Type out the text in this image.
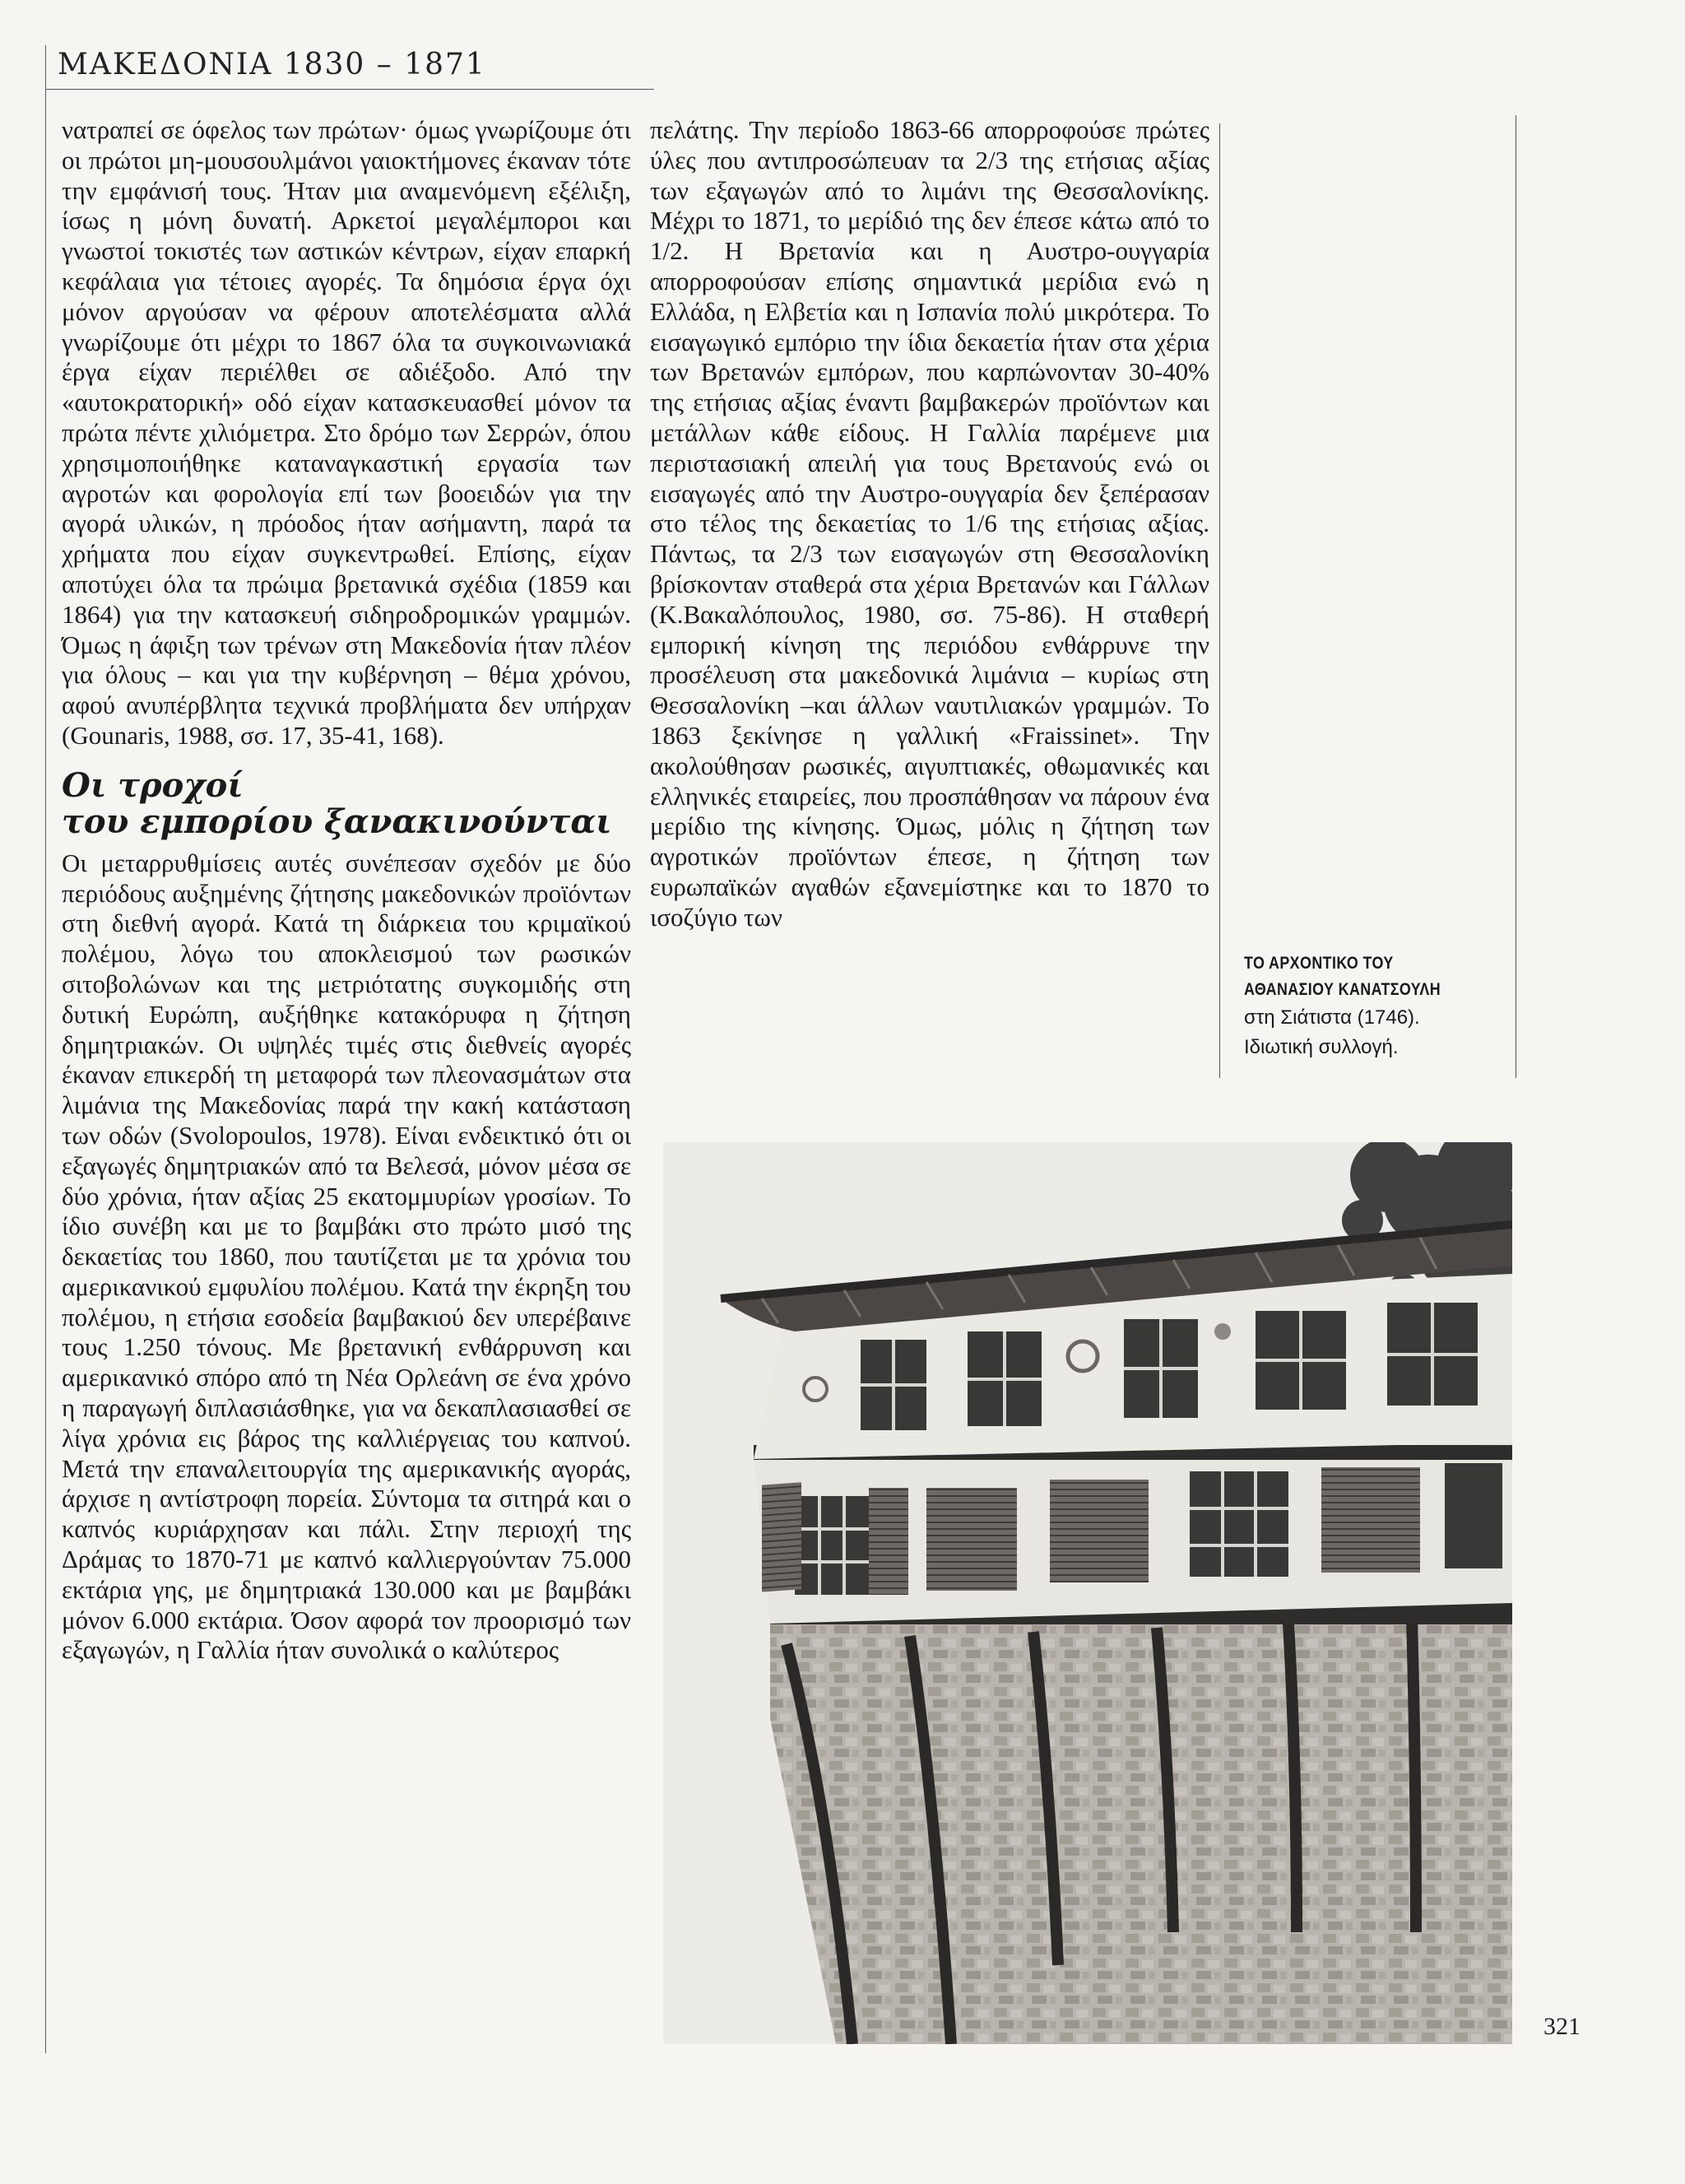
ΜΑΚΕΔΟΝΙΑ 1830 – 1871

νατραπεί σε όφελος των πρώτων· όμως γνωρίζουμε ότι οι πρώτοι μη-μουσουλμάνοι γαιοκτήμονες έκαναν τότε την εμφάνισή τους. Ήταν μια αναμενόμενη εξέλιξη, ίσως η μόνη δυνατή. Αρκετοί μεγαλέμποροι και γνωστοί τοκιστές των αστικών κέντρων, είχαν επαρκή κεφάλαια για τέτοιες αγορές. Τα δημόσια έργα όχι μόνον αργούσαν να φέρουν αποτελέσματα αλλά γνωρίζουμε ότι μέχρι το 1867 όλα τα συγκοινωνιακά έργα είχαν περιέλθει σε αδιέξοδο. Από την «αυτοκρατορική» οδό είχαν κατασκευασθεί μόνον τα πρώτα πέντε χιλιόμετρα. Στο δρόμο των Σερρών, όπου χρησιμοποιήθηκε καταναγκαστική εργασία των αγροτών και φορολογία επί των βοοειδών για την αγορά υλικών, η πρόοδος ήταν ασήμαντη, παρά τα χρήματα που είχαν συγκεντρωθεί. Επίσης, είχαν αποτύχει όλα τα πρώιμα βρετανικά σχέδια (1859 και 1864) για την κατασκευή σιδηροδρομικών γραμμών. Όμως η άφιξη των τρένων στη Μακεδονία ήταν πλέον για όλους – και για την κυβέρνηση – θέμα χρόνου, αφού ανυπέρβλητα τεχνικά προβλήματα δεν υπήρχαν (Gounaris, 1988, σσ. 17, 35-41, 168).

Οι τροχοί
του εμπορίου ξανακινούνται

Οι μεταρρυθμίσεις αυτές συνέπεσαν σχεδόν με δύο περιόδους αυξημένης ζήτησης μακεδονικών προϊόντων στη διεθνή αγορά. Κατά τη διάρκεια του κριμαϊκού πολέμου, λόγω του αποκλεισμού των ρωσικών σιτοβολώνων και της μετριότατης συγκομιδής στη δυτική Ευρώπη, αυξήθηκε κατακόρυφα η ζήτηση δημητριακών. Οι υψηλές τιμές στις διεθνείς αγορές έκαναν επικερδή τη μεταφορά των πλεονασμάτων στα λιμάνια της Μακεδονίας παρά την κακή κατάσταση των οδών (Svolopoulos, 1978). Είναι ενδεικτικό ότι οι εξαγωγές δημητριακών από τα Βελεσά, μόνον μέσα σε δύο χρόνια, ήταν αξίας 25 εκατομμυρίων γροσίων. Το ίδιο συνέβη και με το βαμβάκι στο πρώτο μισό της δεκαετίας του 1860, που ταυτίζεται με τα χρόνια του αμερικανικού εμφυλίου πολέμου. Κατά την έκρηξη του πολέμου, η ετήσια εσοδεία βαμβακιού δεν υπερέβαινε τους 1.250 τόνους. Με βρετανική ενθάρρυνση και αμερικανικό σπόρο από τη Νέα Ορλεάνη σε ένα χρόνο η παραγωγή διπλασιάσθηκε, για να δεκαπλασιασθεί σε λίγα χρόνια εις βάρος της καλλιέργειας του καπνού. Μετά την επαναλειτουργία της αμερικανικής αγοράς, άρχισε η αντίστροφη πορεία. Σύντομα τα σιτηρά και ο καπνός κυριάρχησαν και πάλι. Στην περιοχή της Δράμας το 1870-71 με καπνό καλλιεργούνταν 75.000 εκτάρια γης, με δημητριακά 130.000 και με βαμβάκι μόνον 6.000 εκτάρια. Όσον αφορά τον προορισμό των εξαγωγών, η Γαλλία ήταν συνολικά ο καλύτερος

πελάτης. Την περίοδο 1863-66 απορροφούσε πρώτες ύλες που αντιπροσώπευαν τα 2/3 της ετήσιας αξίας των εξαγωγών από το λιμάνι της Θεσσαλονίκης. Μέχρι το 1871, το μερίδιό της δεν έπεσε κάτω από το 1/2. Η Βρετανία και η Αυστρο-ουγγαρία απορροφούσαν επίσης σημαντικά μερίδια ενώ η Ελλάδα, η Ελβετία και η Ισπανία πολύ μικρότερα. Το εισαγωγικό εμπόριο την ίδια δεκαετία ήταν στα χέρια των Βρετανών εμπόρων, που καρπώνονταν 30-40% της ετήσιας αξίας έναντι βαμβακερών προϊόντων και μετάλλων κάθε είδους. Η Γαλλία παρέμενε μια περιστασιακή απειλή για τους Βρετανούς ενώ οι εισαγωγές από την Αυστρο-ουγγαρία δεν ξεπέρασαν στο τέλος της δεκαετίας το 1/6 της ετήσιας αξίας. Πάντως, τα 2/3 των εισαγωγών στη Θεσσαλονίκη βρίσκονταν σταθερά στα χέρια Βρετανών και Γάλλων (Κ.Βακαλόπουλος, 1980, σσ. 75-86). Η σταθερή εμπορική κίνηση της περιόδου ενθάρρυνε την προσέλευση στα μακεδονικά λιμάνια – κυρίως στη Θεσσαλονίκη –και άλλων ναυτιλιακών γραμμών. Το 1863 ξεκίνησε η γαλλική «Fraissinet». Την ακολούθησαν ρωσικές, αιγυπτιακές, οθωμανικές και ελληνικές εταιρείες, που προσπάθησαν να πάρουν ένα μερίδιο της κίνησης. Όμως, μόλις η ζήτηση των αγροτικών προϊόντων έπεσε, η ζήτηση των ευρωπαϊκών αγαθών εξανεμίστηκε και το 1870 το ισοζύγιο των

ΤΟ ΑΡΧΟΝΤΙΚΟ ΤΟΥ
ΑΘΑΝΑΣΙΟΥ ΚΑΝΑΤΣΟΥΛΗ
στη Σιάτιστα (1746).
Ιδιωτική συλλογή.
321
